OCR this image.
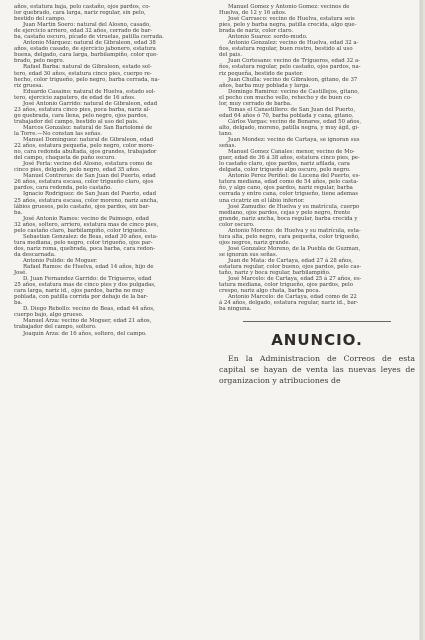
años, estatura baja, pelo castaño, ojos pardos, co-

lor quebrado, cara larga, nariz regular, sin pelo,

bestido del campo.

Juan Martin Soero: natural del Alosno, casado,

de ejercicio arriero, edad 32 años, cerrado de bar-

ba, castaño oscuro, pícado de viruelas, patilla cerrada.

Antonio Márquez: natural de Gibraleon, edad 38

años, estado casado, de ejercicio jabonero, estatura

buena, delgado, cara larga, barbilampiño, color que-

brado, pelo negro.

Rafael Barba: natural de Gibraleon, estado sol-

tero, edad 30 años, estatura cinco pies, cuerpo re-

hecho, color trigueño, pelo negro, barba cerrada, na-

riz gruesa.

Eduardo Casaino: natural de Huelva, estado sol-

tero, ejercicio zapatero, de edad de 16 años.

José Antonio Garrido: natural de Gibraleon, edad

23 años, estatura cinco pies, poca barba, nariz al-

go quebrada, cara llena, pelo negro, ojos pardos,

trabajador del campo, bestido al uso del pais.

Marcos Gonzalez: natural de San Bartolomé de

la Torre.—No constan las señas.

Manuel Dominguez: natural de Gibraleon, edad

22 años, estatura pequeña, pelo negro, color more-

no, cara redonda abultada, ojos grandes, trabajador

del campo, chaqueta de paño oscuro.

José Ferla: vecino del Alosno, estatura como de

cinco pies, delgado, pelo negro, edad 35 años.

Manuel Contreras: de San Juan del Puerto, edad

26 años, estatura escasa, color trigueño claro, ojos

pardos, cara redonda, pelo castaño.

Ignacio Rodriguez: de San Juan del Puerto, edad

25 años, estatura escasa, color moreno, nariz ancha,

lábios gruesos, pelo castaño, ojos pardos, sin bar-

ba.

José Antonio Ramos: vecino de Paimogo, edad

32 años, soltero, arriero, estatura mas de cinco pies,

pelo castaño claro, barbilampiño, color trigueño.

Sebastian Gonzalez: de Beas, edad 30 años, esta-

tura mediana, pelo negro, color trigueño, ojos par-

dos, nariz roma, quebrada, poca barba, cara redon-

da descarnada.

Antonio Pulido: de Moguer.

Rafael Ramos: de Huelva, edad 14 años, hijo de

José.

D. Juan Fernandez Garrido: de Trigueros, edad

25 años, estatura mas de cinco pies y dos pulgadas,

cara larga, nariz id., ojos pardos, barba no muy

poblada, con patilla corrida por debajo de la bar-

ba.

D. Diego Rebollo: vecino de Beas, edad 44 años,

cuerpo bajo, algo grueso.

Manuel Arza: vecino de Moguer, edad 21 años,

trabajador del campo, soltero.

Joaquin Arza: de 16 años, soltero, del campo.

Manuel Gomez y Antonio Gomez: vecinos de

Huelva, de 12 y 16 años.

José Carrasco: vecino de Huelva, estatura seis

pies, pelo y barba negra, patilla crecida, algo que-

brada de nariz, color claro.

Antonio Suarez: sordo-mudo.

Antonio Gonzalez: vecino de Huelva, edad 32 a-

ños, estatura regular, buen rostro, bestido al uso

del pais.

Juan Cortesano: vecino de Trigueros, edad 32 a-

ños, estatura regular, pelo castaño, ojos pardos, na-

riz pequeña, bestido de pastor.

Juan Chulla: vecino de Gibraleon, gitano, de 37

años, barba muy poblada y larga.

Domingo Ramirez: vecino de Castillejos, gitano,

el pecho con mucho vello, rehecho y de buen co-

lor, muy cerrado de barba.

Tomas el Canastillero: de San Juan del Puerto,

edad 64 años ó 70, barba poblada y cana, gitano.

Cárlos Vargas: vecino de Bonares, edad 50 años,

alto, delgado, moreno, patilla negra, y muy ágil, gi-

tano.

Juan Mondez: vecino de Cartaya, se ignoran sus

señas.

Manuel Gomez Canales: menor, vecino de Mo-

guer, edad de 36 á 38 años, estatura cinco pies, pe-

lo castaño claro, ojos pardos, nariz afilada, cara

delgada, color trigueño algo oscuro, pelo negro.

Antonio Perez Periñel: de Lucena del Puerto, es-

tatura mediana, edad como de 54 años, pelo casta-

ño, y algo cano, ojos pardos, nariz regular, barba

cerrada y entre cana, color trigueño, tiene ademas

una cicatriz en el lábio inferior.

José Zamudio: de Huelva y su matrícula, cuerpo

mediano, ojos pardos, cejas y pelo negro, frente

grande, nariz ancha, boca regular, barba crecida y

color oscuro.

Antonio Moreno: de Huelva y su matrícula, esta-

tura alta, pelo negro, cara pequeña, color trigueño,

ojos negros, nariz grande.

José Gonzalez Moreno, de la Puebla de Guzman,

se ignoran sus señas.

Juan de Mata: de Cartaya, edad 27 á 28 años,

estatura regular, color bueno, ojos pardos, pelo cas-

taño, nariz y boca regular, barbilampiño.

José Marcelo: de Cartaya, edad 25 á 27 años, es-

tatura mediana, color trigueño, ojos pardos, pelo

crespo, nariz algo chata, barba poca.

Antonio Marcelo: de Cartaya, edad como de 22

á 24 años, delgado, estatura regular, nariz id., bar-

ba ninguna.

ANUNCIO.

En la Administracion de Correos de esta capital se hayan de venta las nuevas leyes de organizacion y atribuciones de
